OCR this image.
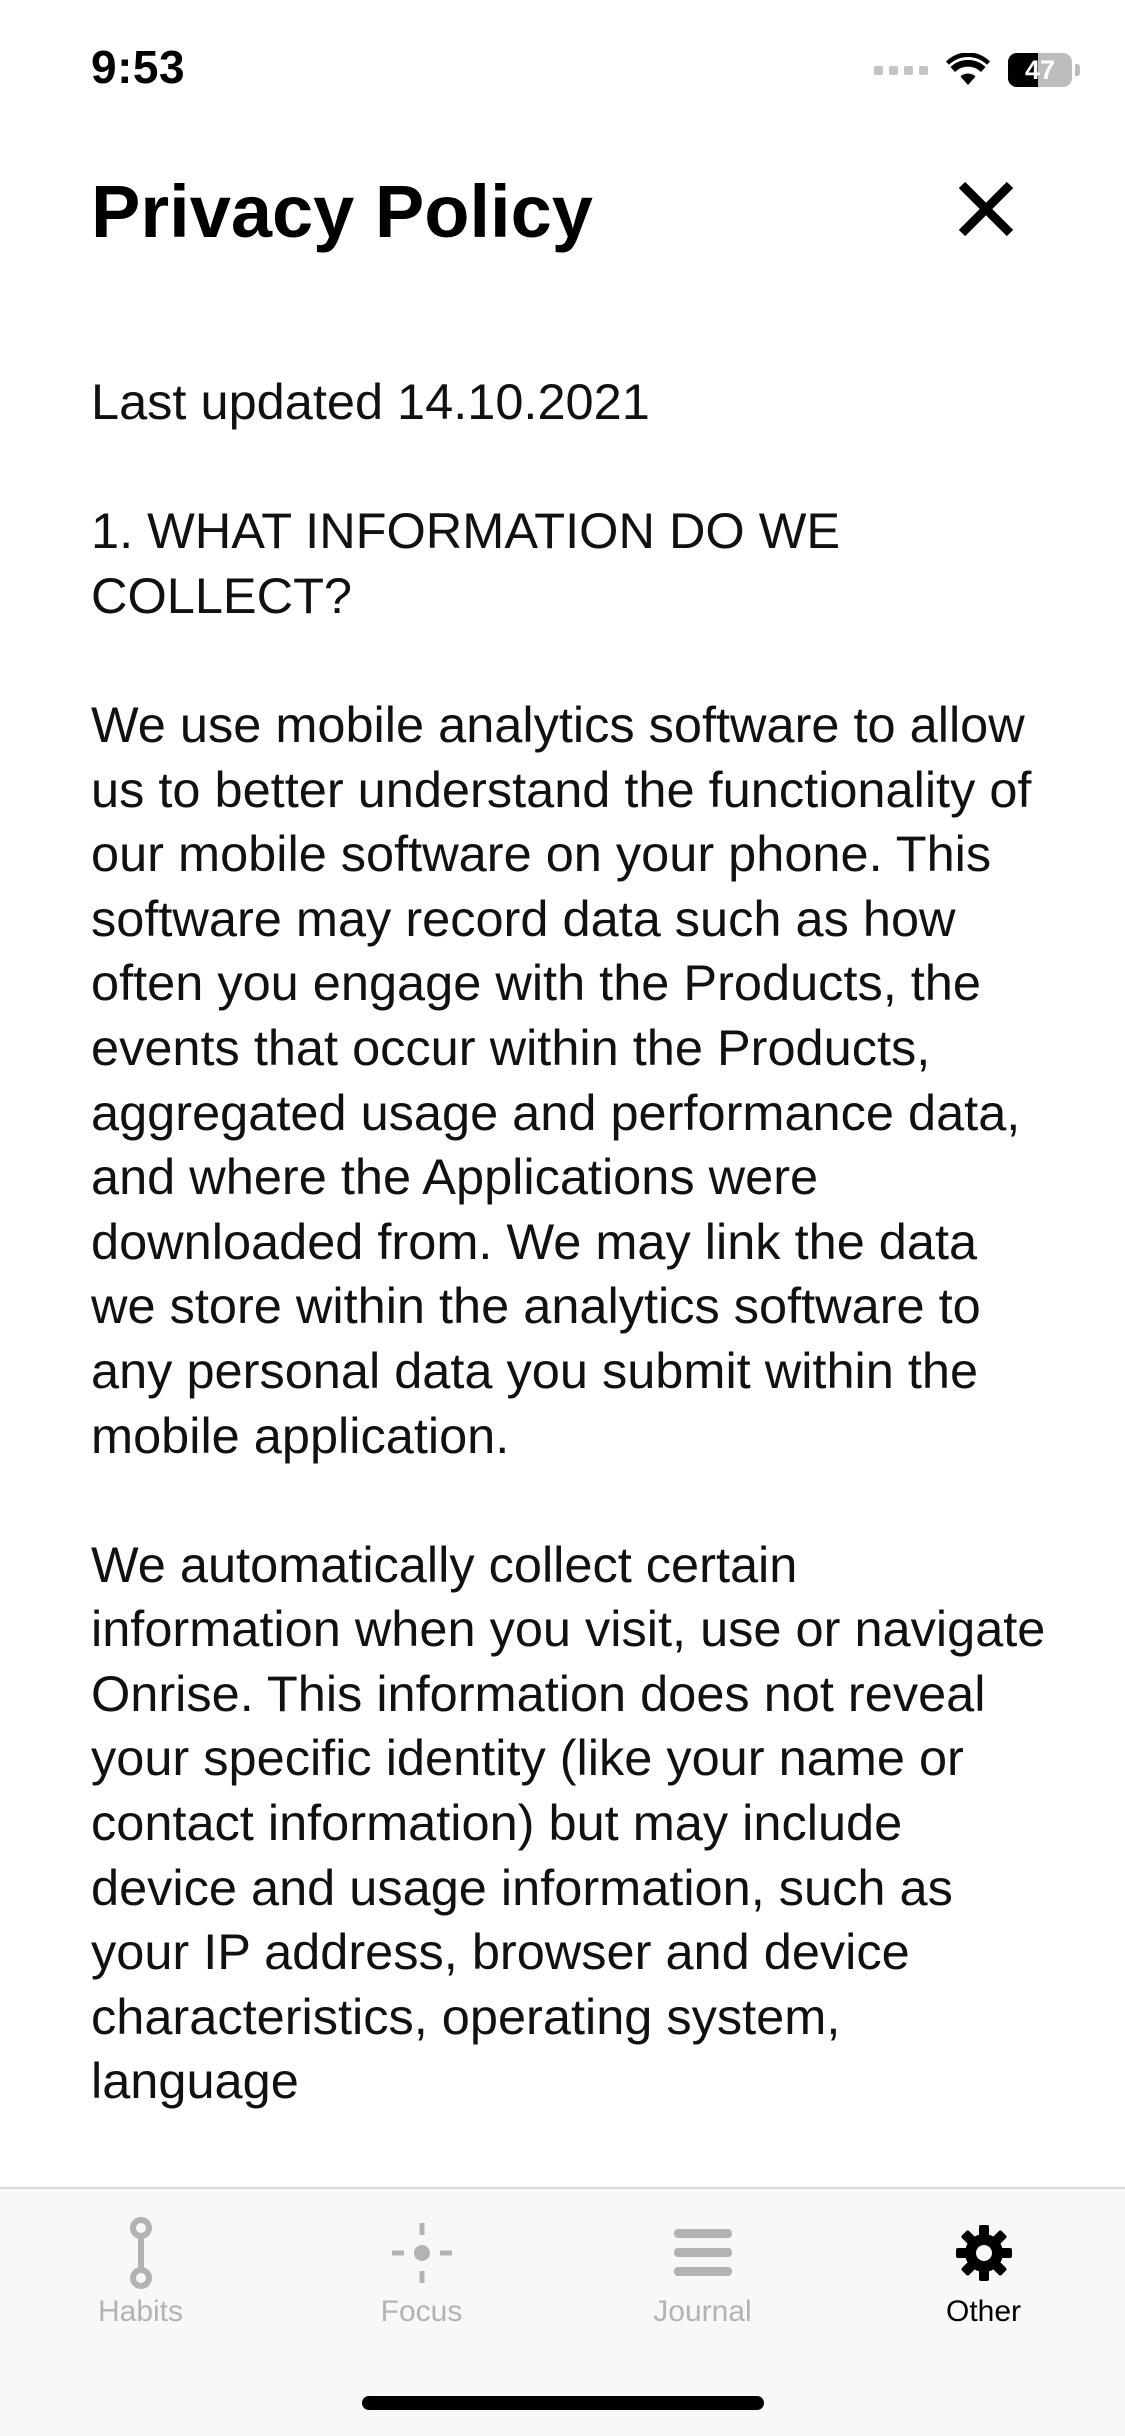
9:53	47
Privacy Policy

Last updated 14.10.2021

1. WHAT INFORMATION DO WE COLLECT?

We use mobile analytics software to allow us to better understand the functionality of our mobile software on your phone. This software may record data such as how often you engage with the Products, the events that occur within the Products, aggregated usage and performance data, and where the Applications were downloaded from. We may link the data we store within the analytics software to any personal data you submit within the mobile application.

We automatically collect certain information when you visit, use or navigate Onrise. This information does not reveal your specific identity (like your name or contact information) but may include device and usage information, such as your IP address, browser and device characteristics, operating system, language

Habits	Focus	Journal	Other
